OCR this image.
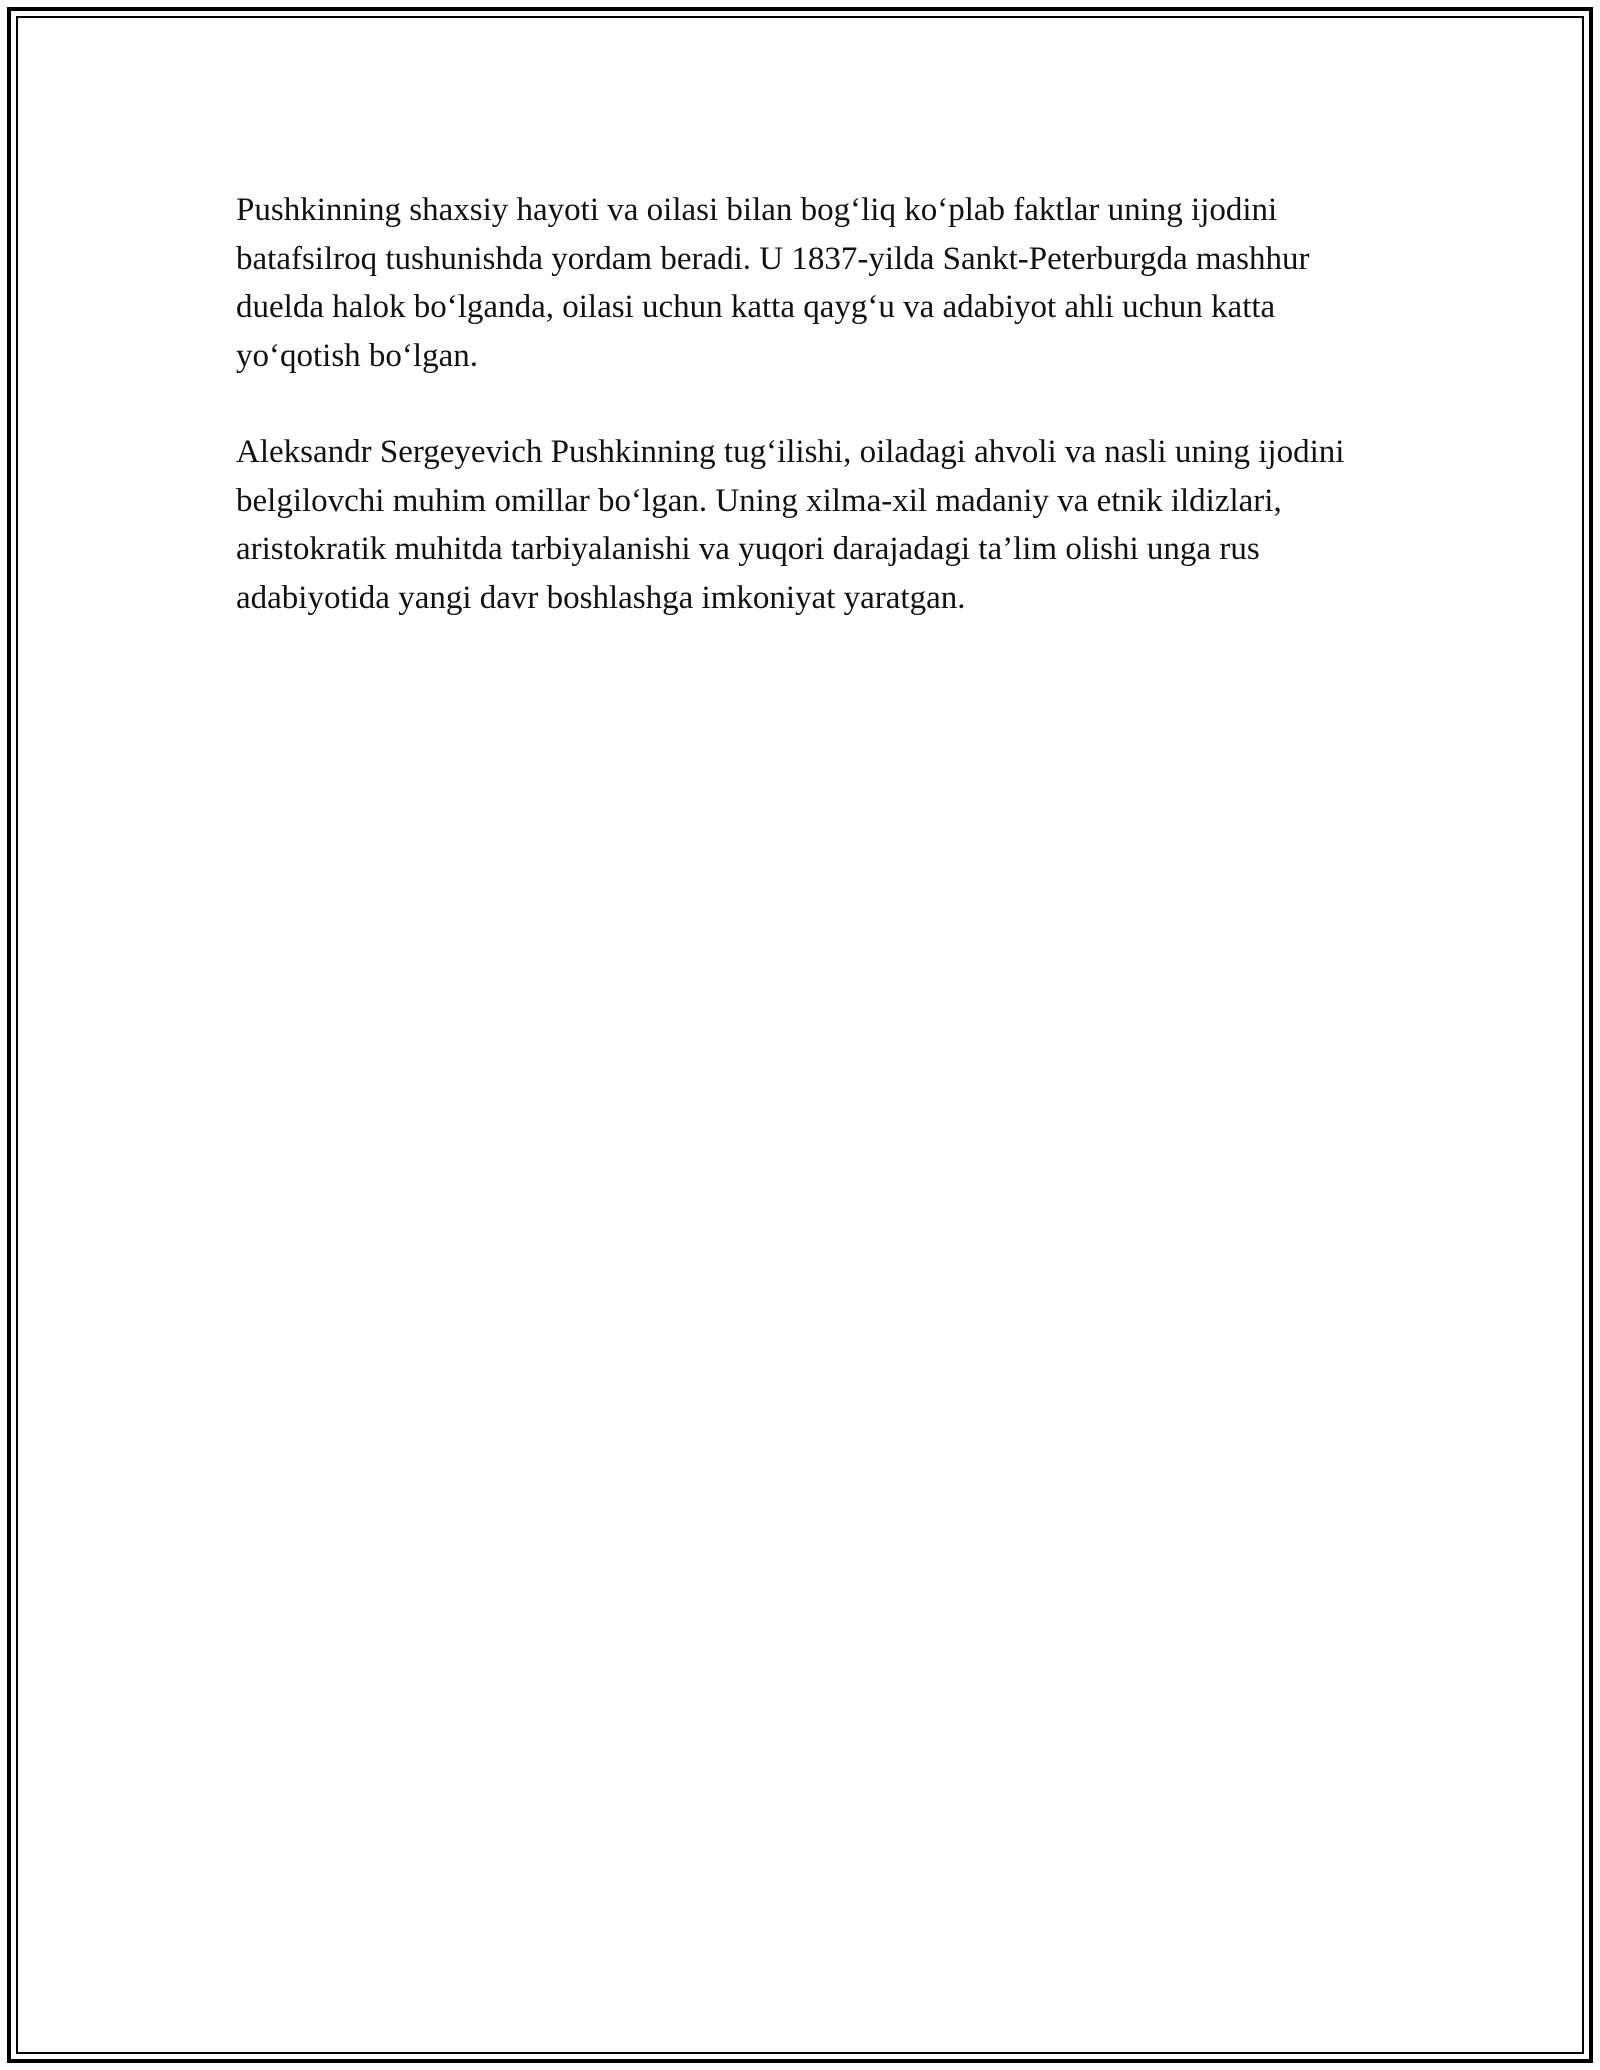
Pushkinning shaxsiy hayoti va oilasi bilan bog‘liq ko‘plab faktlar uning ijodini batafsilroq tushunishda yordam beradi. U 1837-yilda Sankt-Peterburgda mashhur duelda halok bo‘lganda, oilasi uchun katta qayg‘u va adabiyot ahli uchun katta yo‘qotish bo‘lgan.

Aleksandr Sergeyevich Pushkinning tug‘ilishi, oiladagi ahvoli va nasli uning ijodini belgilovchi muhim omillar bo‘lgan. Uning xilma-xil madaniy va etnik ildizlari, aristokratik muhitda tarbiyalanishi va yuqori darajadagi ta’lim olishi unga rus adabiyotida yangi davr boshlashga imkoniyat yaratgan.
